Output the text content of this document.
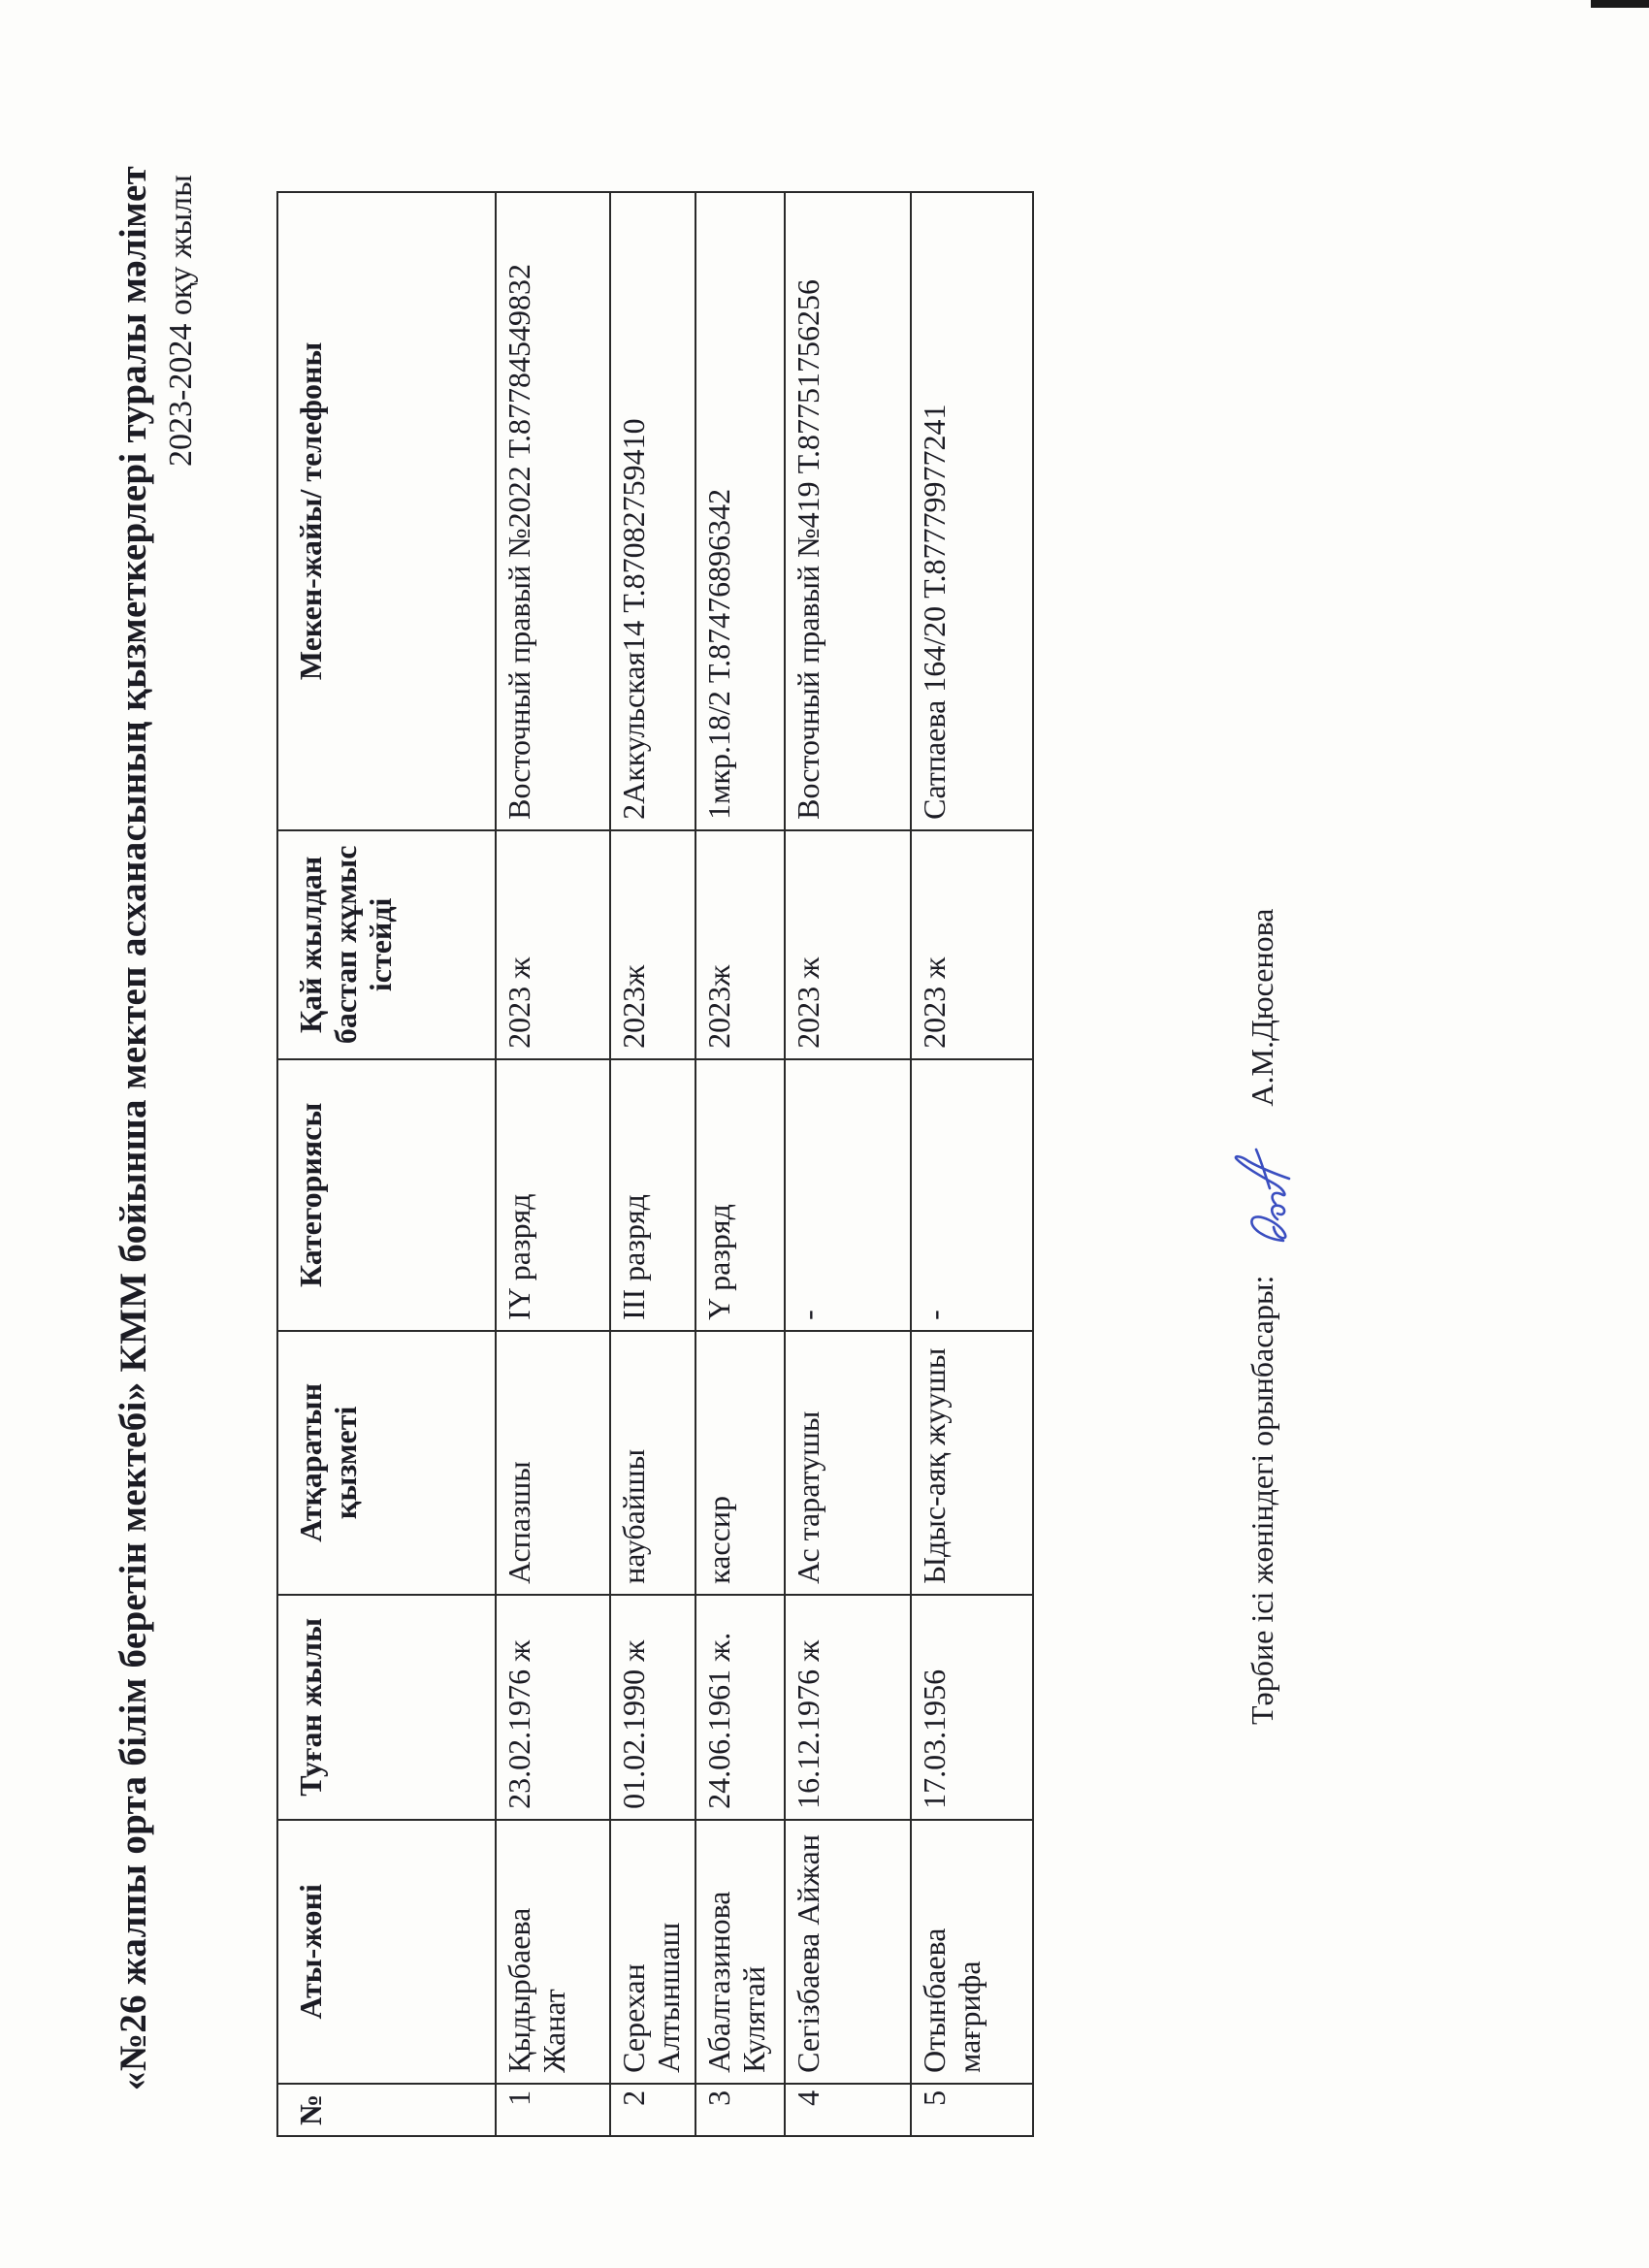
«№26 жалпы орта білім беретін мектебі» КММ бойынша мектеп асханасының қызметкерлері туралы мәлімет 2023-2024 оқу жылы
№	Аты-жөні	Туған жылы	Атқаратын қызметі	Категориясы	Қай жылдан бастап жұмыс істейді	Мекен-жайы/ телефоны
1	Қыдырбаева Жанат	23.02.1976 ж	Аспазшы	IY разряд	2023 ж	Восточный правый №2022 Т.87784549832
2	Серехан Алтыншаш	01.02.1990 ж	наубайшы	III разряд	2023ж	2Аккульская14 Т.87082759410
3	Абалгазинова Кулятай	24.06.1961 ж.	кассир	Y разряд	2023ж	1мкр.18/2 Т.87476896342
4	Сегізбаева Айжан	16.12.1976 ж	Ас таратушы	-	2023 ж	Восточный правый №419 Т.87751756256
5	Отынбаева мағрифа	17.03.1956	Ыдыс-аяқ жуушы	-	2023 ж	Сатпаева 164/20 Т.87779977241
Тәрбие ісі жөніндегі орынбасары:  А.М.Дюсенова
